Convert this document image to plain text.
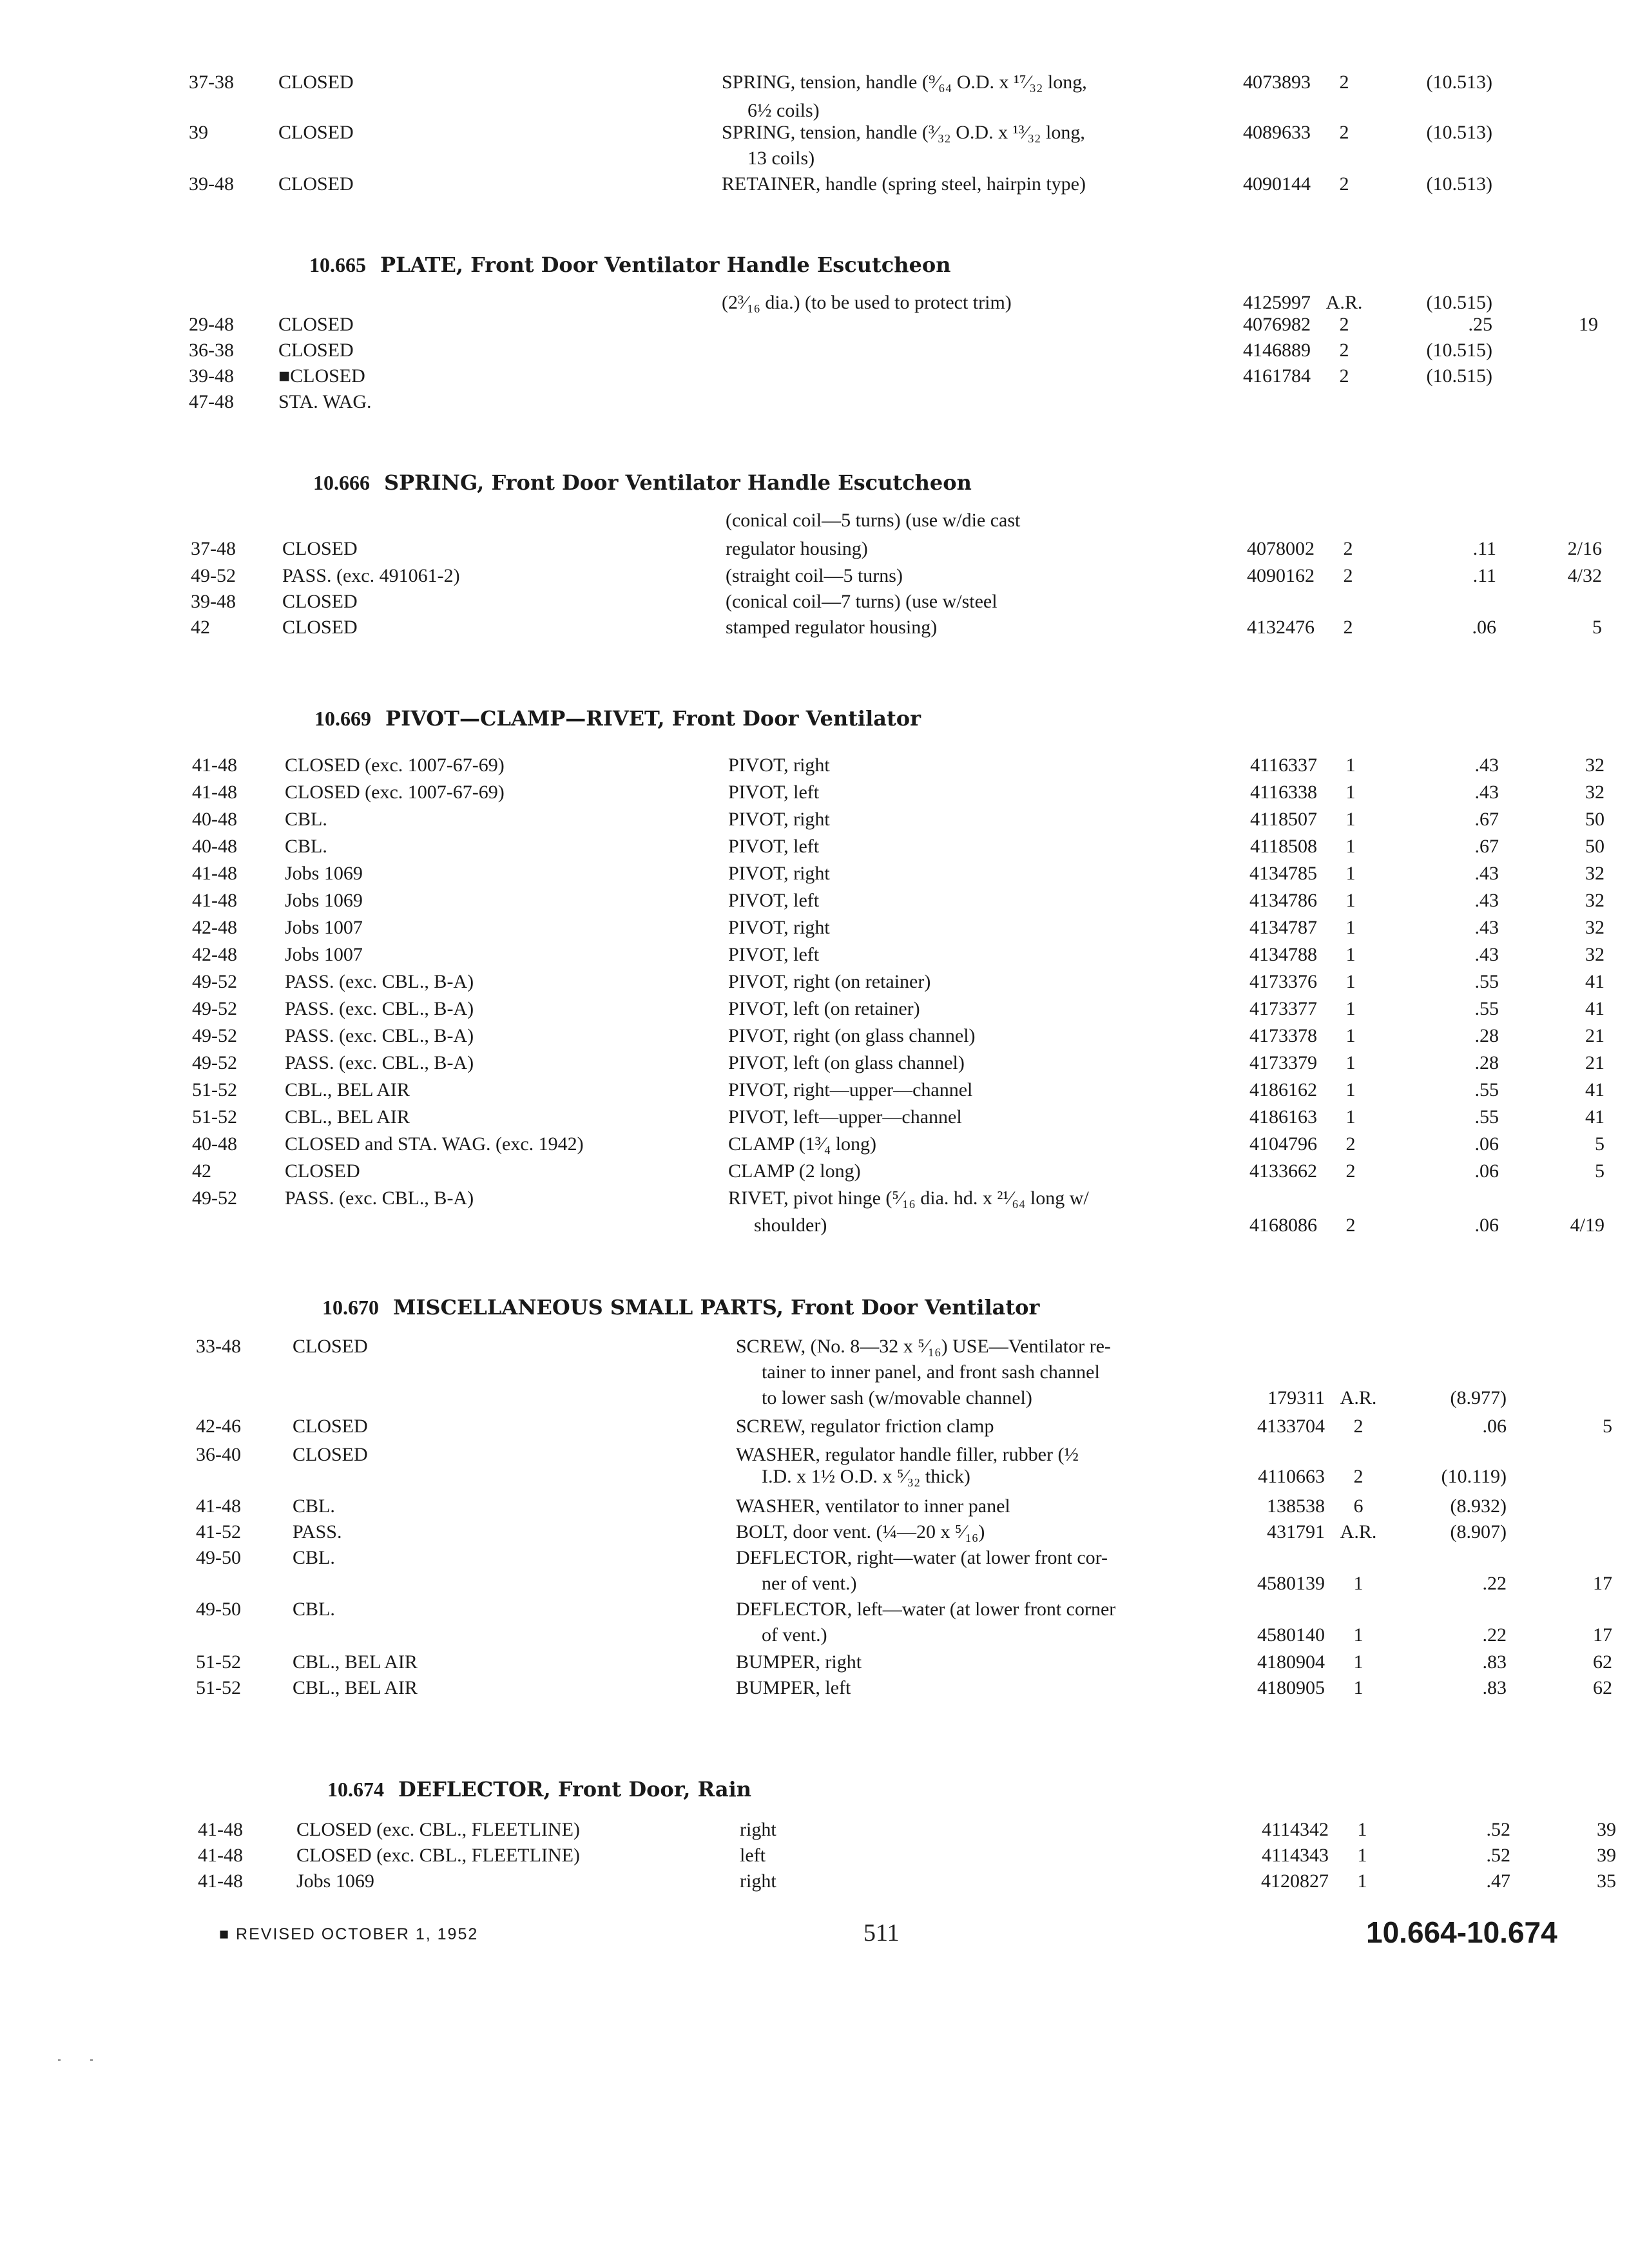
37-38	CLOSED	SPRING, tension, handle (⁹⁄₆₄ O.D. x ¹⁷⁄₃₂ long,	4073893	2	(10.513)
6½ coils)
39	CLOSED	SPRING, tension, handle (³⁄₃₂ O.D. x ¹³⁄₃₂ long,	4089633	2	(10.513)
13 coils)
39-48	CLOSED	RETAINER, handle (spring steel, hairpin type)	4090144	2	(10.513)
10.665 PLATE, Front Door Ventilator Handle Escutcheon
(2³⁄₁₆ dia.) (to be used to protect trim)	4125997 A.R.	(10.515)
29-48	CLOSED	4076982	2	.25	19
36-38	CLOSED	4146889	2	(10.515)
39-48	■CLOSED	4161784	2	(10.515)
47-48	STA. WAG.
10.666 SPRING, Front Door Ventilator Handle Escutcheon
(conical coil—5 turns) (use w/die cast
37-48	CLOSED	regulator housing)	4078002	2	.11	2/16
49-52	PASS. (exc. 491061-2)	(straight coil—5 turns)	4090162	2	.11	4/32
39-48	CLOSED	(conical coil—7 turns) (use w/steel
42	CLOSED	stamped regulator housing)	4132476	2	.06	5
10.669 PIVOT—CLAMP—RIVET, Front Door Ventilator
41-48	CLOSED (exc. 1007-67-69)	PIVOT, right	4116337	1	.43	32
41-48	CLOSED (exc. 1007-67-69)	PIVOT, left	4116338	1	.43	32
40-48	CBL.	PIVOT, right	4118507	1	.67	50
40-48	CBL.	PIVOT, left	4118508	1	.67	50
41-48	Jobs 1069	PIVOT, right	4134785	1	.43	32
41-48	Jobs 1069	PIVOT, left	4134786	1	.43	32
42-48	Jobs 1007	PIVOT, right	4134787	1	.43	32
42-48	Jobs 1007	PIVOT, left	4134788	1	.43	32
49-52	PASS. (exc. CBL., B-A)	PIVOT, right (on retainer)	4173376	1	.55	41
49-52	PASS. (exc. CBL., B-A)	PIVOT, left (on retainer)	4173377	1	.55	41
49-52	PASS. (exc. CBL., B-A)	PIVOT, right (on glass channel)	4173378	1	.28	21
49-52	PASS. (exc. CBL., B-A)	PIVOT, left (on glass channel)	4173379	1	.28	21
51-52	CBL., BEL AIR	PIVOT, right—upper—channel	4186162	1	.55	41
51-52	CBL., BEL AIR	PIVOT, left—upper—channel	4186163	1	.55	41
40-48	CLOSED and STA. WAG. (exc. 1942)	CLAMP (1³⁄₄ long)	4104796	2	.06	5
42	CLOSED	CLAMP (2 long)	4133662	2	.06	5
49-52	PASS. (exc. CBL., B-A)	RIVET, pivot hinge (⁵⁄₁₆ dia. hd. x ²¹⁄₆₄ long w/
shoulder)	4168086	2	.06	4/19
10.670 MISCELLANEOUS SMALL PARTS, Front Door Ventilator
33-48	CLOSED	SCREW, (No. 8—32 x ⁵⁄₁₆) USE—Ventilator re-
tainer to inner panel, and front sash channel
to lower sash (w/movable channel)	179311 A.R.	(8.977)
42-46	CLOSED	SCREW, regulator friction clamp	4133704	2	.06	5
36-40	CLOSED	WASHER, regulator handle filler, rubber (½
I.D. x 1½ O.D. x ⁵⁄₃₂ thick)	4110663	2	(10.119)
41-48	CBL.	WASHER, ventilator to inner panel	138538	6	(8.932)
41-52	PASS.	BOLT, door vent. (¼—20 x ⁵⁄₁₆)	431791 A.R.	(8.907)
49-50	CBL.	DEFLECTOR, right—water (at lower front cor-
ner of vent.)	4580139	1	.22	17
49-50	CBL.	DEFLECTOR, left—water (at lower front corner
of vent.)	4580140	1	.22	17
51-52	CBL., BEL AIR	BUMPER, right	4180904	1	.83	62
51-52	CBL., BEL AIR	BUMPER, left	4180905	1	.83	62
10.674 DEFLECTOR, Front Door, Rain
41-48	CLOSED (exc. CBL., FLEETLINE)	right	4114342	1	.52	39
41-48	CLOSED (exc. CBL., FLEETLINE)	left	4114343	1	.52	39
41-48	Jobs 1069	right	4120827	1	.47	35
■ REVISED OCTOBER 1, 1952	511	10.664-10.674
